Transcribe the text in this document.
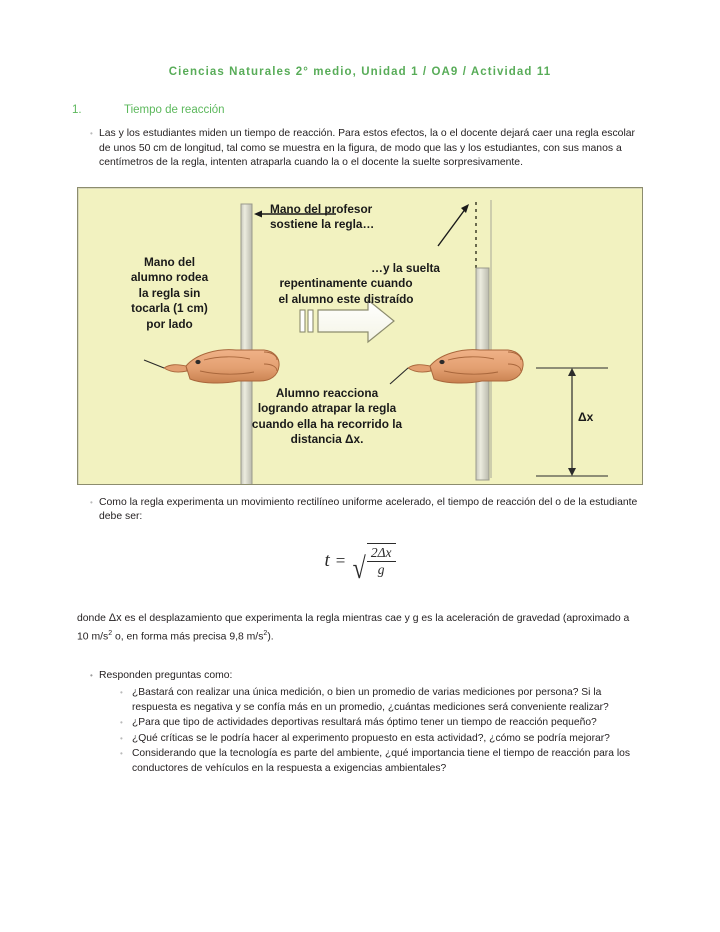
Ciencias Naturales 2° medio, Unidad 1 / OA9 / Actividad 11
1.	Tiempo de reacción
• Las y los estudiantes miden un tiempo de reacción. Para estos efectos, la o el docente dejará caer una regla escolar de unos 50 cm de longitud, tal como se muestra en la figura, de modo que las y los estudiantes, con sus manos a centímetros de la regla, intenten atraparla cuando la o el docente la suelte sorpresivamente.
Mano del profesor
sostiene la regla…
Mano del
alumno rodea
la regla sin
tocarla (1 cm)
por lado
…y la suelta
repentinamente cuando
el alumno este distraído
Alumno reacciona
logrando atrapar la regla
cuando ella ha recorrido la
distancia Δx.
Δx
• Como la regla experimenta un movimiento rectilíneo uniforme acelerado, el tiempo de reacción del o de la estudiante debe ser:
t = √ $\frac{2\Delta x}{g}$
donde Δx es el desplazamiento que experimenta la regla mientras cae y g es la aceleración de gravedad (aproximado a 10 $m/s^2$ o, en forma más precisa 9,8 $m/s^2$).
• Responden preguntas como:
• ¿Bastará con realizar una única medición, o bien un promedio de varias mediciones por persona? Si la respuesta es negativa y se confía más en un promedio, ¿cuántas mediciones será conveniente realizar?
• ¿Para que tipo de actividades deportivas resultará más óptimo tener un tiempo de reacción pequeño?
• ¿Qué críticas se le podría hacer al experimento propuesto en esta actividad?, ¿cómo se podría mejorar?
• Considerando que la tecnología es parte del ambiente, ¿qué importancia tiene el tiempo de reacción para los conductores de vehículos en la respuesta a exigencias ambientales?
